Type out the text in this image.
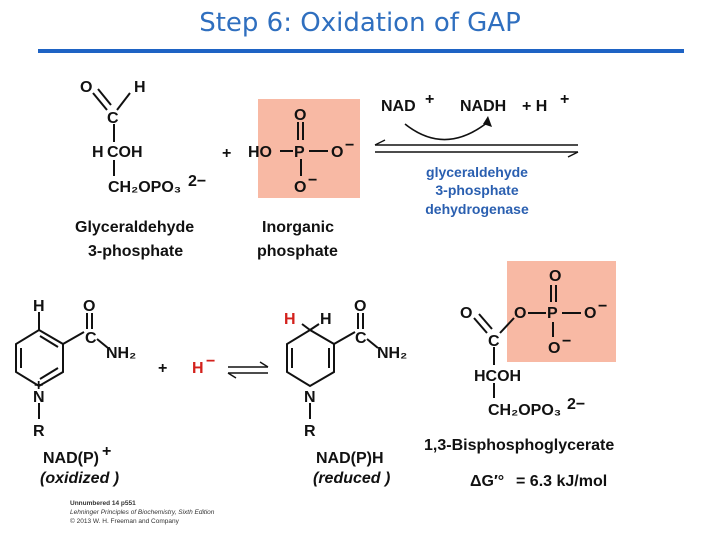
Step 6: Oxidation of GAP
O	H
C
H COH
CH₂OPO₃ 2−
Glyceraldehyde
3-phosphate
+
O
HO P O −
O −
Inorganic
phosphate
NAD + NADH + H +
glyceraldehyde
3-phosphate
dehydrogenase
H O
C
NH₂
+
N
R
+ H −
H H
O
C
NH₂
N
R
O
O	O P O −
O −
C
HCOH
CH₂OPO₃ 2−
1,3-Bisphosphoglycerate
NAD(P) +
(oxidized )
NAD(P)H
(reduced )	ΔG′° = 6.3 kJ/mol
Unnumbered 14 p551
Lehninger Principles of Biochemistry, Sixth Edition
© 2013 W. H. Freeman and Company
